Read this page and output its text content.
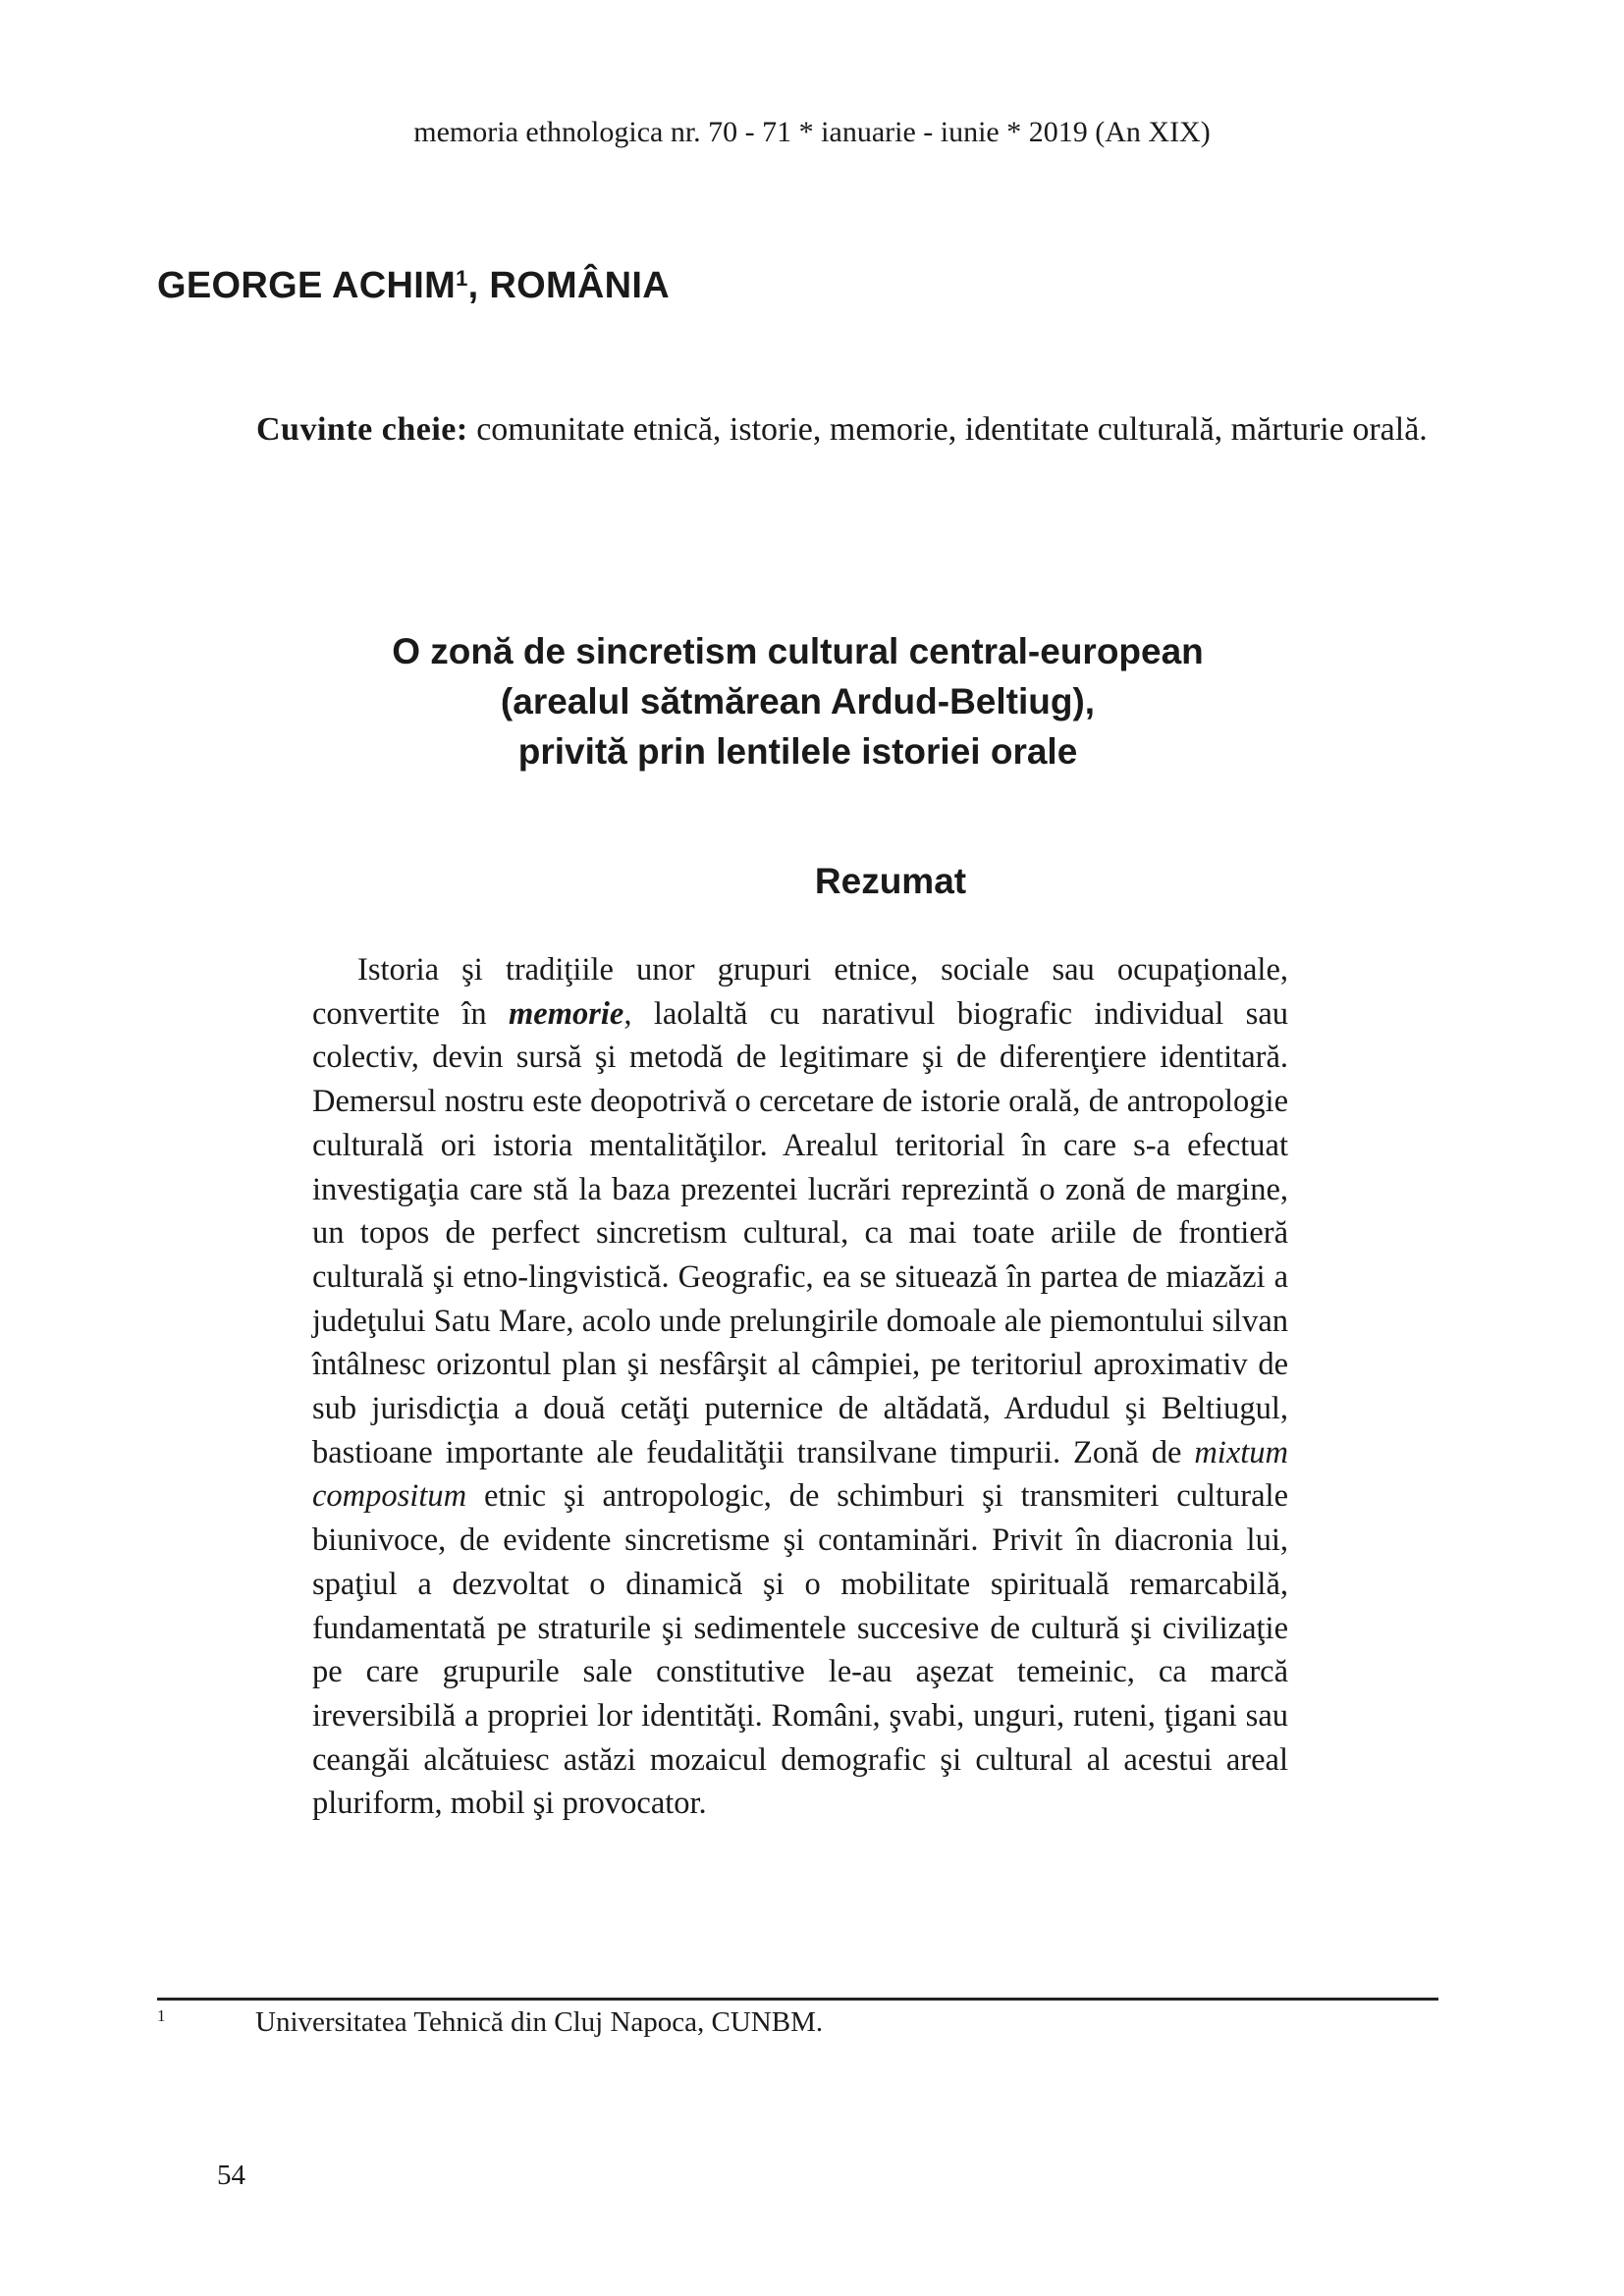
memoria ethnologica nr. 70 - 71 * ianuarie - iunie * 2019 (An XIX)
GEORGE ACHIM$^1$, ROMÂNIA

Cuvinte cheie: comunitate etnică, istorie, memorie, identitate culturală, mărturie orală.

O zonă de sincretism cultural central-european
(arealul sătmărean Ardud-Beltiug),
privită prin lentilele istoriei orale
Rezumat

Istoria şi tradiţiile unor grupuri etnice, sociale sau ocupaţionale, convertite în memorie, laolaltă cu narativul biografic individual sau colectiv, devin sursă şi metodă de legitimare şi de diferenţiere identitară. Demersul nostru este deopotrivă o cercetare de istorie orală, de antropologie culturală ori istoria mentalităţilor. Arealul teritorial în care s-a efectuat investigaţia care stă la baza prezentei lucrări reprezintă o zonă de margine, un topos de perfect sincretism cultural, ca mai toate ariile de frontieră culturală şi etno-lingvistică. Geografic, ea se situează în partea de miazăzi a judeţului Satu Mare, acolo unde prelungirile domoale ale piemontului silvan întâlnesc orizontul plan şi nesfârşit al câmpiei, pe teritoriul aproximativ de sub jurisdicţia a două cetăţi puternice de altădată, Ardudul şi Beltiugul, bastioane importante ale feudalităţii transilvane timpurii. Zonă de mixtum compositum etnic şi antropologic, de schimburi şi transmiteri culturale biunivoce, de evidente sincretisme şi contaminări. Privit în diacronia lui, spaţiul a dezvoltat o dinamică şi o mobilitate spirituală remarcabilă, fundamentată pe straturile şi sedimentele succesive de cultură şi civilizaţie pe care grupurile sale constitutive le-au aşezat temeinic, ca marcă ireversibilă a propriei lor identităţi. Români, şvabi, unguri, ruteni, ţigani sau ceangăi alcătuiesc astăzi mozaicul demografic şi cultural al acestui areal pluriform, mobil şi provocator.

1	Universitatea Tehnică din Cluj Napoca, CUNBM.
54
